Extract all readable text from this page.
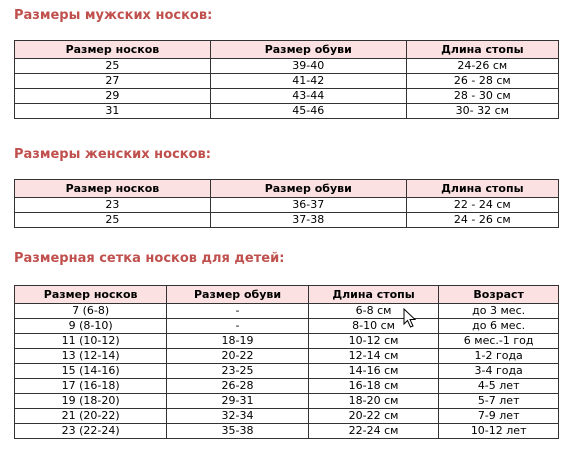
Размеры мужских носков:
Размер носков	Размер обуви	Длина стопы
25	39-40	24-26 см
27	41-42	26 - 28 см
29	43-44	28 - 30 см
31	45-46	30- 32 см
Размеры женских носков:
Размер носков	Размер обуви	Длина стопы
23	36-37	22 - 24 см
25	37-38	24 - 26 см
Размерная сетка носков для детей:
Размер носков	Размер обуви	Длина стопы	Возраст
7 (6-8)	-	6-8 см	до 3 мес.
9 (8-10)	-	8-10 см	до 6 мес.
11 (10-12)	18-19	10-12 см	6 мес.-1 год
13 (12-14)	20-22	12-14 см	1-2 года
15 (14-16)	23-25	14-16 см	3-4 года
17 (16-18)	26-28	16-18 см	4-5 лет
19 (18-20)	29-31	18-20 см	5-7 лет
21 (20-22)	32-34	20-22 см	7-9 лет
23 (22-24)	35-38	22-24 см	10-12 лет
